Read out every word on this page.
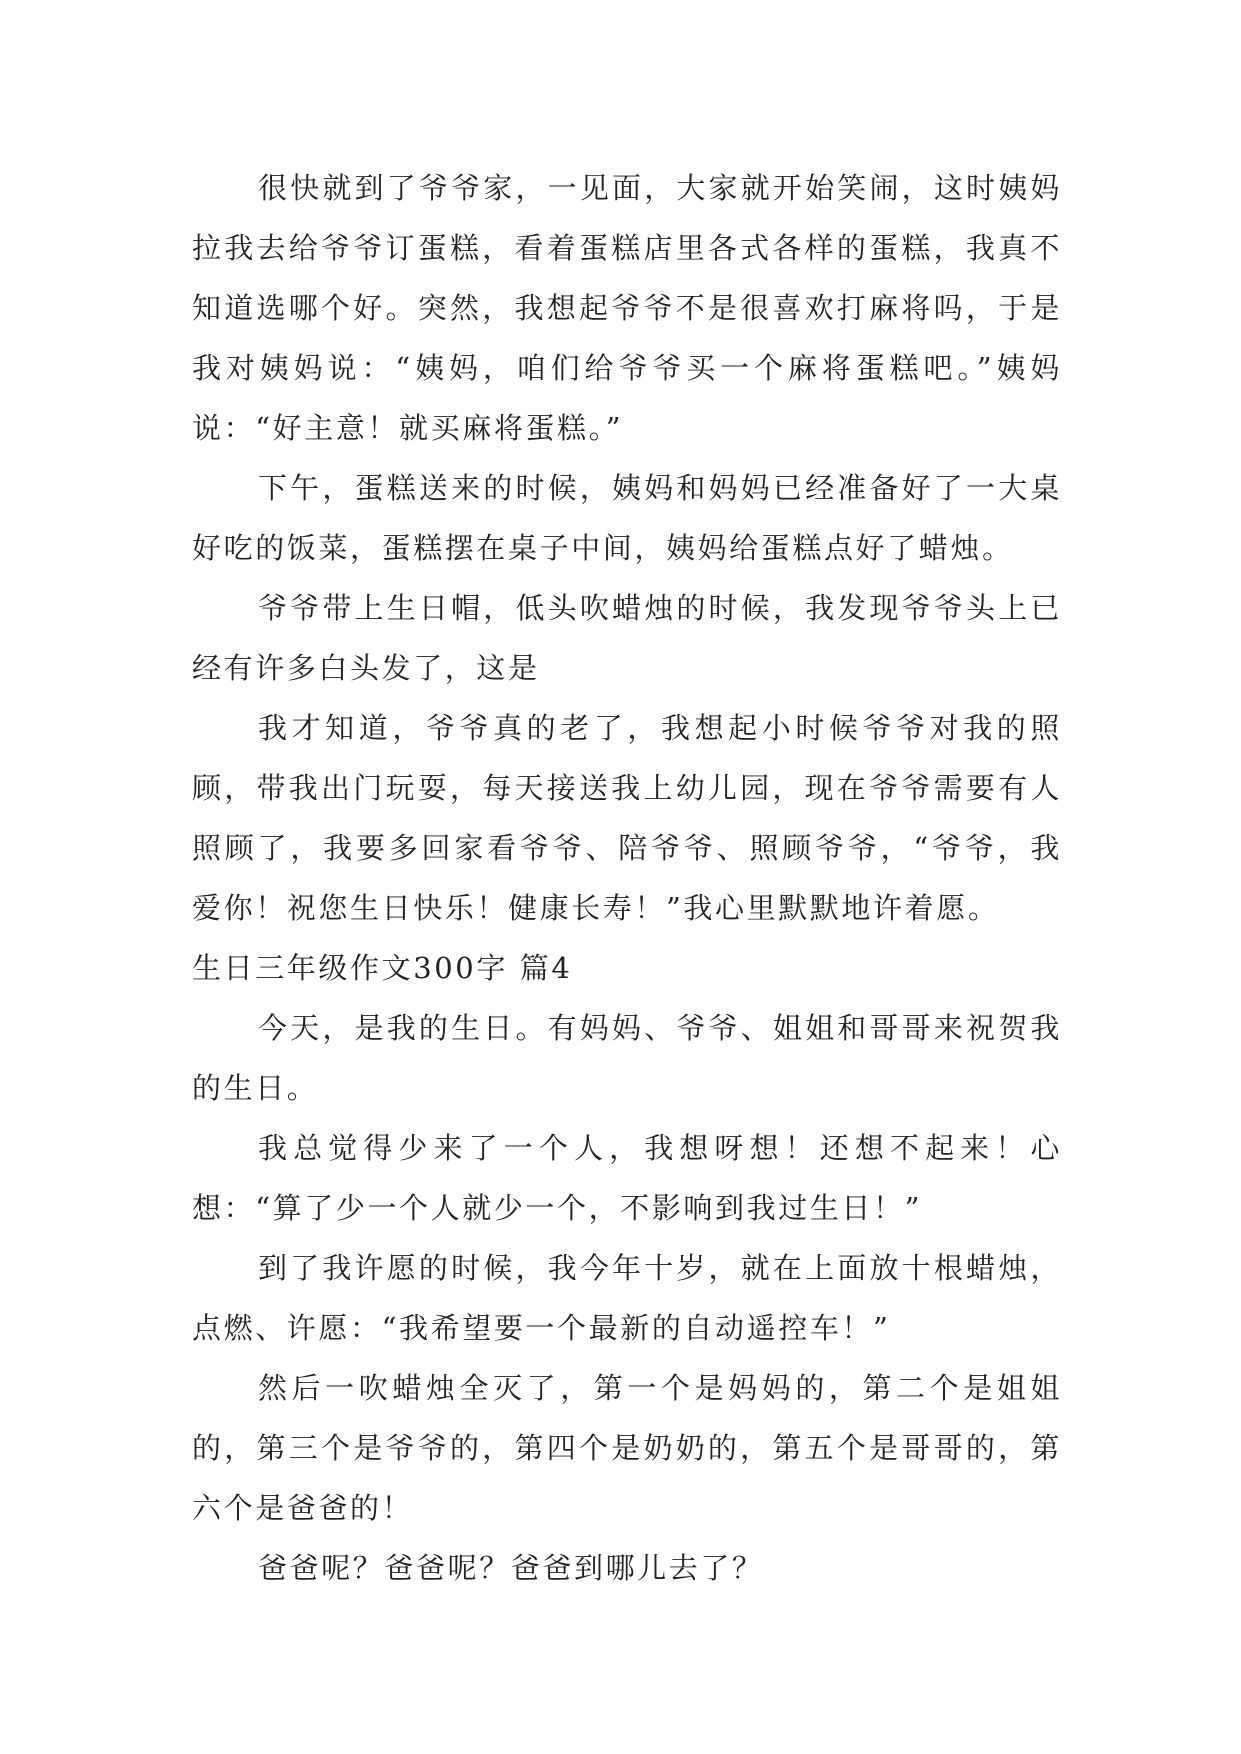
很快就到了爷爷家，一见面，大家就开始笑闹，这时姨妈拉我去给爷爷订蛋糕，看着蛋糕店里各式各样的蛋糕，我真不知道选哪个好。突然，我想起爷爷不是很喜欢打麻将吗，于是我对姨妈说：“姨妈，咱们给爷爷买一个麻将蛋糕吧。”姨妈说：“好主意！就买麻将蛋糕。”

下午，蛋糕送来的时候，姨妈和妈妈已经准备好了一大桌好吃的饭菜，蛋糕摆在桌子中间，姨妈给蛋糕点好了蜡烛。

爷爷带上生日帽，低头吹蜡烛的时候，我发现爷爷头上已经有许多白头发了，这是

我才知道，爷爷真的老了，我想起小时候爷爷对我的照顾，带我出门玩耍，每天接送我上幼儿园，现在爷爷需要有人照顾了，我要多回家看爷爷、陪爷爷、照顾爷爷，“爷爷，我爱你！祝您生日快乐！健康长寿！”我心里默默地许着愿。

生日三年级作文300字 篇4

今天，是我的生日。有妈妈、爷爷、姐姐和哥哥来祝贺我的生日。

我总觉得少来了一个人，我想呀想！还想不起来！心想：“算了少一个人就少一个，不影响到我过生日！”

到了我许愿的时候，我今年十岁，就在上面放十根蜡烛，点燃、许愿：“我希望要一个最新的自动遥控车！”

然后一吹蜡烛全灭了，第一个是妈妈的，第二个是姐姐的，第三个是爷爷的，第四个是奶奶的，第五个是哥哥的，第六个是爸爸的！

爸爸呢？爸爸呢？爸爸到哪儿去了？
